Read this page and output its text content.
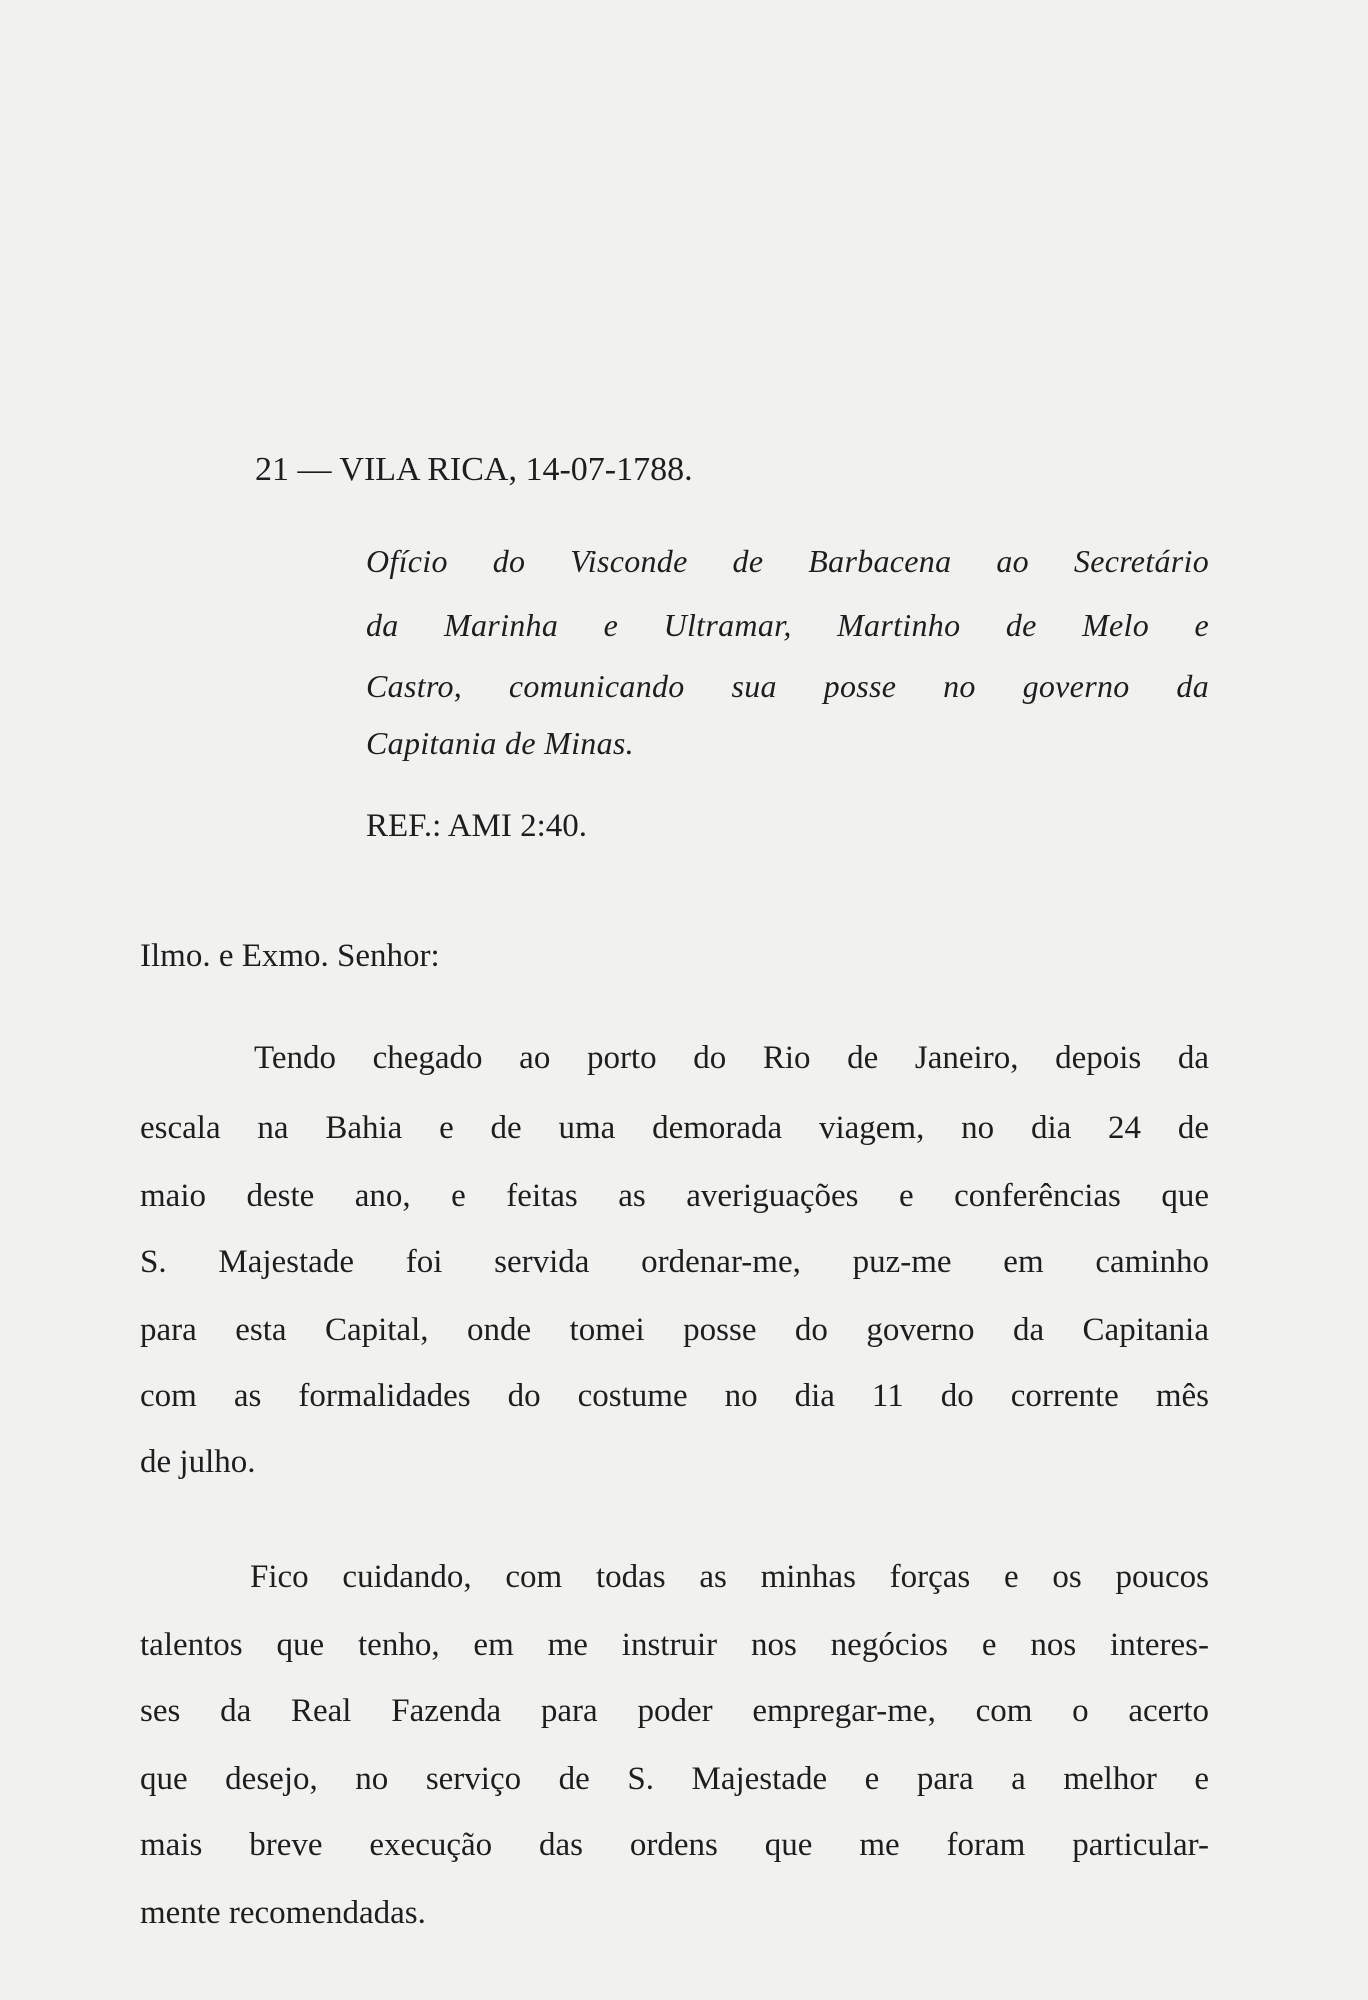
21 — VILA RICA, 14-07-1788.
Ofício do Visconde de Barbacena ao Secretário
da Marinha e Ultramar, Martinho de Melo e
Castro, comunicando sua posse no governo da
Capitania de Minas.
REF.: AMI 2:40.
Ilmo. e Exmo. Senhor:
Tendo chegado ao porto do Rio de Janeiro, depois da
escala na Bahia e de uma demorada viagem, no dia 24 de
maio deste ano, e feitas as averiguações e conferências que
S. Majestade foi servida ordenar-me, puz-me em caminho
para esta Capital, onde tomei posse do governo da Capitania
com as formalidades do costume no dia 11 do corrente mês
de julho.
Fico cuidando, com todas as minhas forças e os poucos
talentos que tenho, em me instruir nos negócios e nos interes-
ses da Real Fazenda para poder empregar-me, com o acerto
que desejo, no serviço de S. Majestade e para a melhor e
mais breve execução das ordens que me foram particular-
mente recomendadas.
